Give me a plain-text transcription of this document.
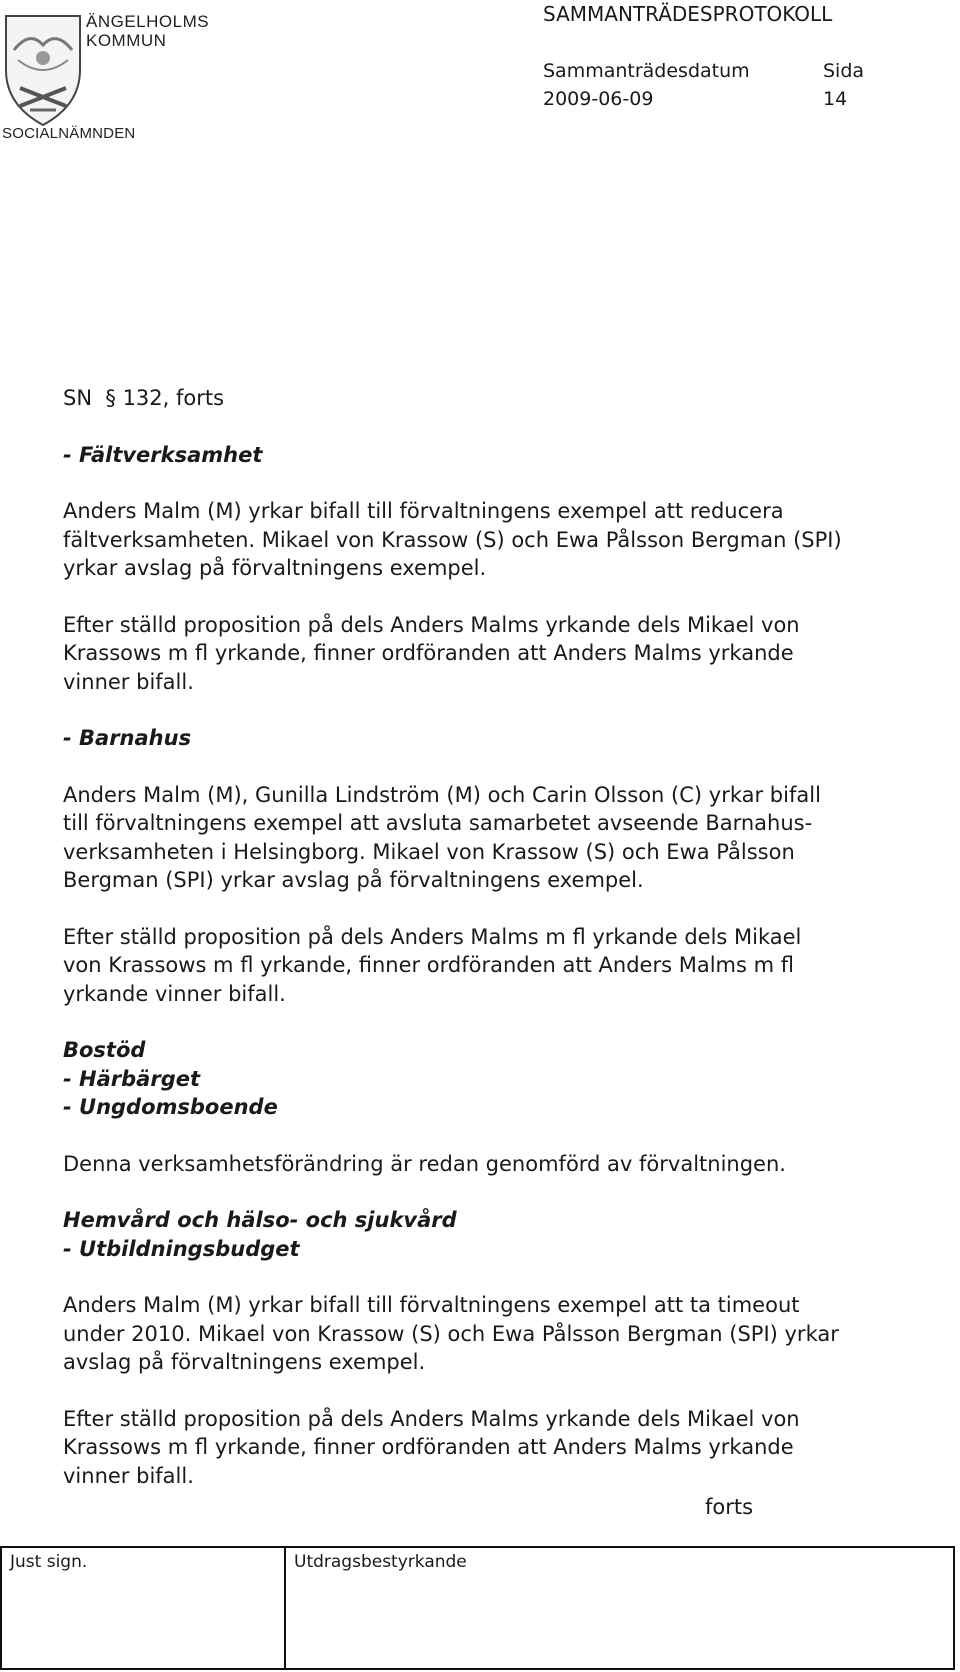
ÄNGELHOLMS
KOMMUN
SOCIALNÄMNDEN
SAMMANTRÄDESPROTOKOLL
Sammanträdesdatum	Sida
2009-06-09	14

SN  § 132, forts

- Fältverksamhet

Anders Malm (M) yrkar bifall till förvaltningens exempel att reducera
fältverksamheten. Mikael von Krassow (S) och Ewa Pålsson Bergman (SPI)
yrkar avslag på förvaltningens exempel.

Efter ställd proposition på dels Anders Malms yrkande dels Mikael von
Krassows m fl yrkande, finner ordföranden att Anders Malms yrkande
vinner bifall.

- Barnahus

Anders Malm (M), Gunilla Lindström (M) och Carin Olsson (C) yrkar bifall
till förvaltningens exempel att avsluta samarbetet avseende Barnahus-
verksamheten i Helsingborg. Mikael von Krassow (S) och Ewa Pålsson
Bergman (SPI) yrkar avslag på förvaltningens exempel.

Efter ställd proposition på dels Anders Malms m fl yrkande dels Mikael
von Krassows m fl yrkande, finner ordföranden att Anders Malms m fl
yrkande vinner bifall.

Bostöd

- Härbärget

- Ungdomsboende

Denna verksamhetsförändring är redan genomförd av förvaltningen.

Hemvård och hälso- och sjukvård

- Utbildningsbudget

Anders Malm (M) yrkar bifall till förvaltningens exempel att ta timeout
under 2010. Mikael von Krassow (S) och Ewa Pålsson Bergman (SPI) yrkar
avslag på förvaltningens exempel.

Efter ställd proposition på dels Anders Malms yrkande dels Mikael von
Krassows m fl yrkande, finner ordföranden att Anders Malms yrkande
vinner bifall.

forts
Just sign.	Utdragsbestyrkande
